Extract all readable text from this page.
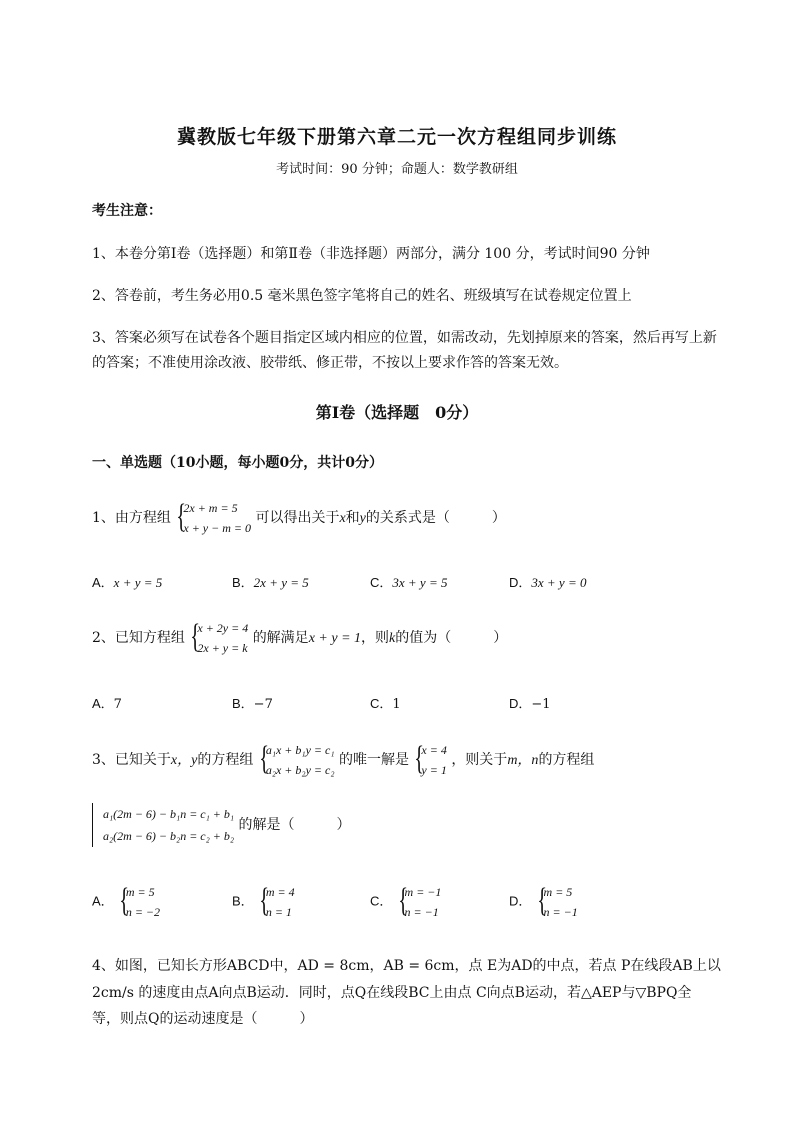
冀教版七年级下册第六章二元一次方程组同步训练
考试时间：90 分钟；命题人：数学教研组
考生注意：
1、本卷分第Ⅰ卷（选择题）和第Ⅱ卷（非选择题）两部分，满分 100 分，考试时间90 分钟
2、答卷前，考生务必用0.5 毫米黑色签字笔将自己的姓名、班级填写在试卷规定位置上
3、答案必须写在试卷各个题目指定区域内相应的位置，如需改动，先划掉原来的答案，然后再写上新
的答案；不准使用涂改液、胶带纸、修正带，不按以上要求作答的答案无效。
第Ⅰ卷（选择题　0分）
一、单选题（10小题，每小题0分，共计0分）
1、由方程组
{ 2x + m = 5
x + y − m = 0
可以得出关于x和y的关系式是（　　　）
A．x + y = 5	B．2x + y = 5	C．3x + y = 5	D．3x + y = 0
2、已知方程组
{ x + 2y = 4
2x + y = k
的解满足x + y = 1，则k的值为（　　　）
A．7	B．−7	C．1	D．−1
3、已知关于x，y的方程组
{ a₁x + b₁y = c₁
a₂x + b₂y = c₂
的唯一解是
{ x = 4
y = 1
，则关于m，n的方程组
a₁(2m − 6) − b₁n = c₁ + b₁
a₂(2m − 6) − b₂n = c₂ + b₂
的解是（　　　）
A．
{ m = 5
n = −2
B．
{ m = 4
n = 1
C．
{ m = −1
n = −1
D．
{ m = 5
n = −1
4、如图，已知长方形ABCD中，AD = 8cm，AB = 6cm，点 E为AD的中点，若点 P在线段AB上以
2cm/s 的速度由点A向点B运动．同时，点Q在线段BC上由点 C向点B运动，若△AEP与▽BPQ全
等，则点Q的运动速度是（　　　）
